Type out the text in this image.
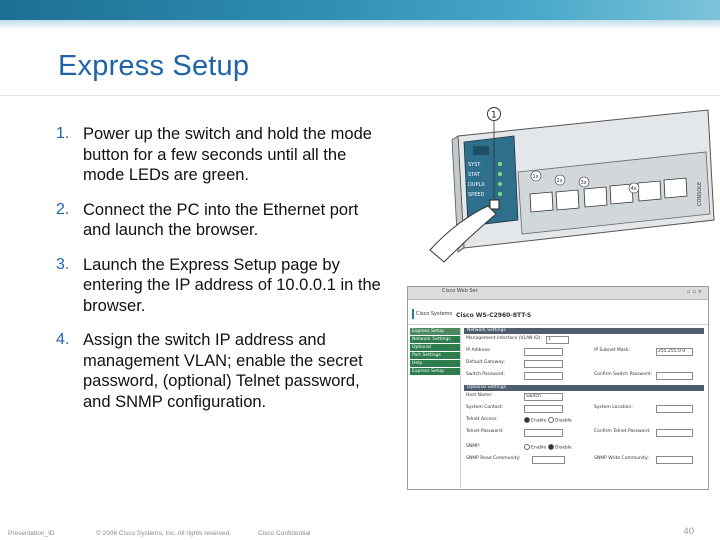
Express Setup
1. Power up the switch and hold the mode button for a few seconds until all the mode LEDs are green.
2. Connect the PC into the Ethernet port and launch the browser.
3. Launch the Express Setup page by entering the IP address of 10.0.0.1 in the browser.
4. Assign the switch IP address and management VLAN; enable the secret password, (optional) Telnet password, and SNMP configuration.
SYST
STAT
DUPLX
SPEED
1x
2x	3x
4x	CONSOLE
1
Cisco Web Ser	▫▫×
Cisco Systems Cisco WS-C2960-8TT-S
Express Setup
Network Settings
Optional
Port Settings
Help
Express Setup
Network Settings
Management Interface (VLAN ID):	1
IP Address:	IP Subnet Mask:	255.255.0.0
Default Gateway:
Switch Password:	Confirm Switch Password:
Optional Settings
Host Name:	Switch
System Contact:	System Location:
Telnet Access:	Enable	Disable
Telnet Password:	Confirm Telnet Password:
SNMP:	Enable	Disable
SNMP Read Community:	SNMP Write Community:
Presentation_ID	© 2006 Cisco Systems, Inc. All rights reserved.	Cisco Confidential	40
